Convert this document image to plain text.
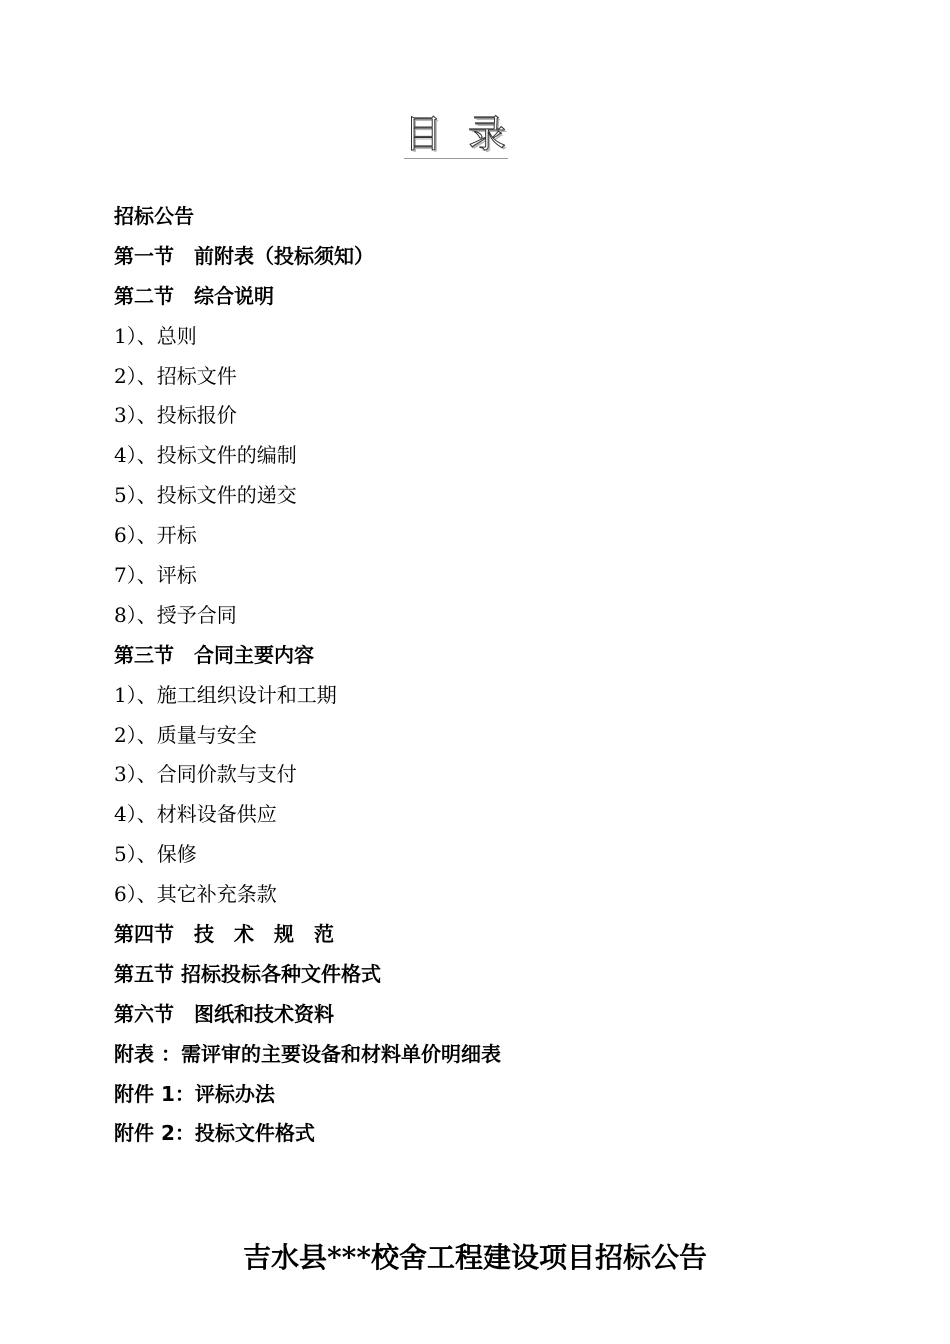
目录
招标公告
第一节　前附表（投标须知）
第二节　综合说明
1）、总则
2）、招标文件
3）、投标报价
4）、投标文件的编制
5）、投标文件的递交
6）、开标
7）、评标
8）、授予合同
第三节　合同主要内容
1）、施工组织设计和工期
2）、质量与安全
3）、合同价款与支付
4）、材料设备供应
5）、保修
6）、其它补充条款
第四节　技　术　规　范
第五节 招标投标各种文件格式
第六节　图纸和技术资料
附表 ：需评审的主要设备和材料单价明细表
附件 1：评标办法
附件 2：投标文件格式
吉水县***校舍工程建设项目招标公告
